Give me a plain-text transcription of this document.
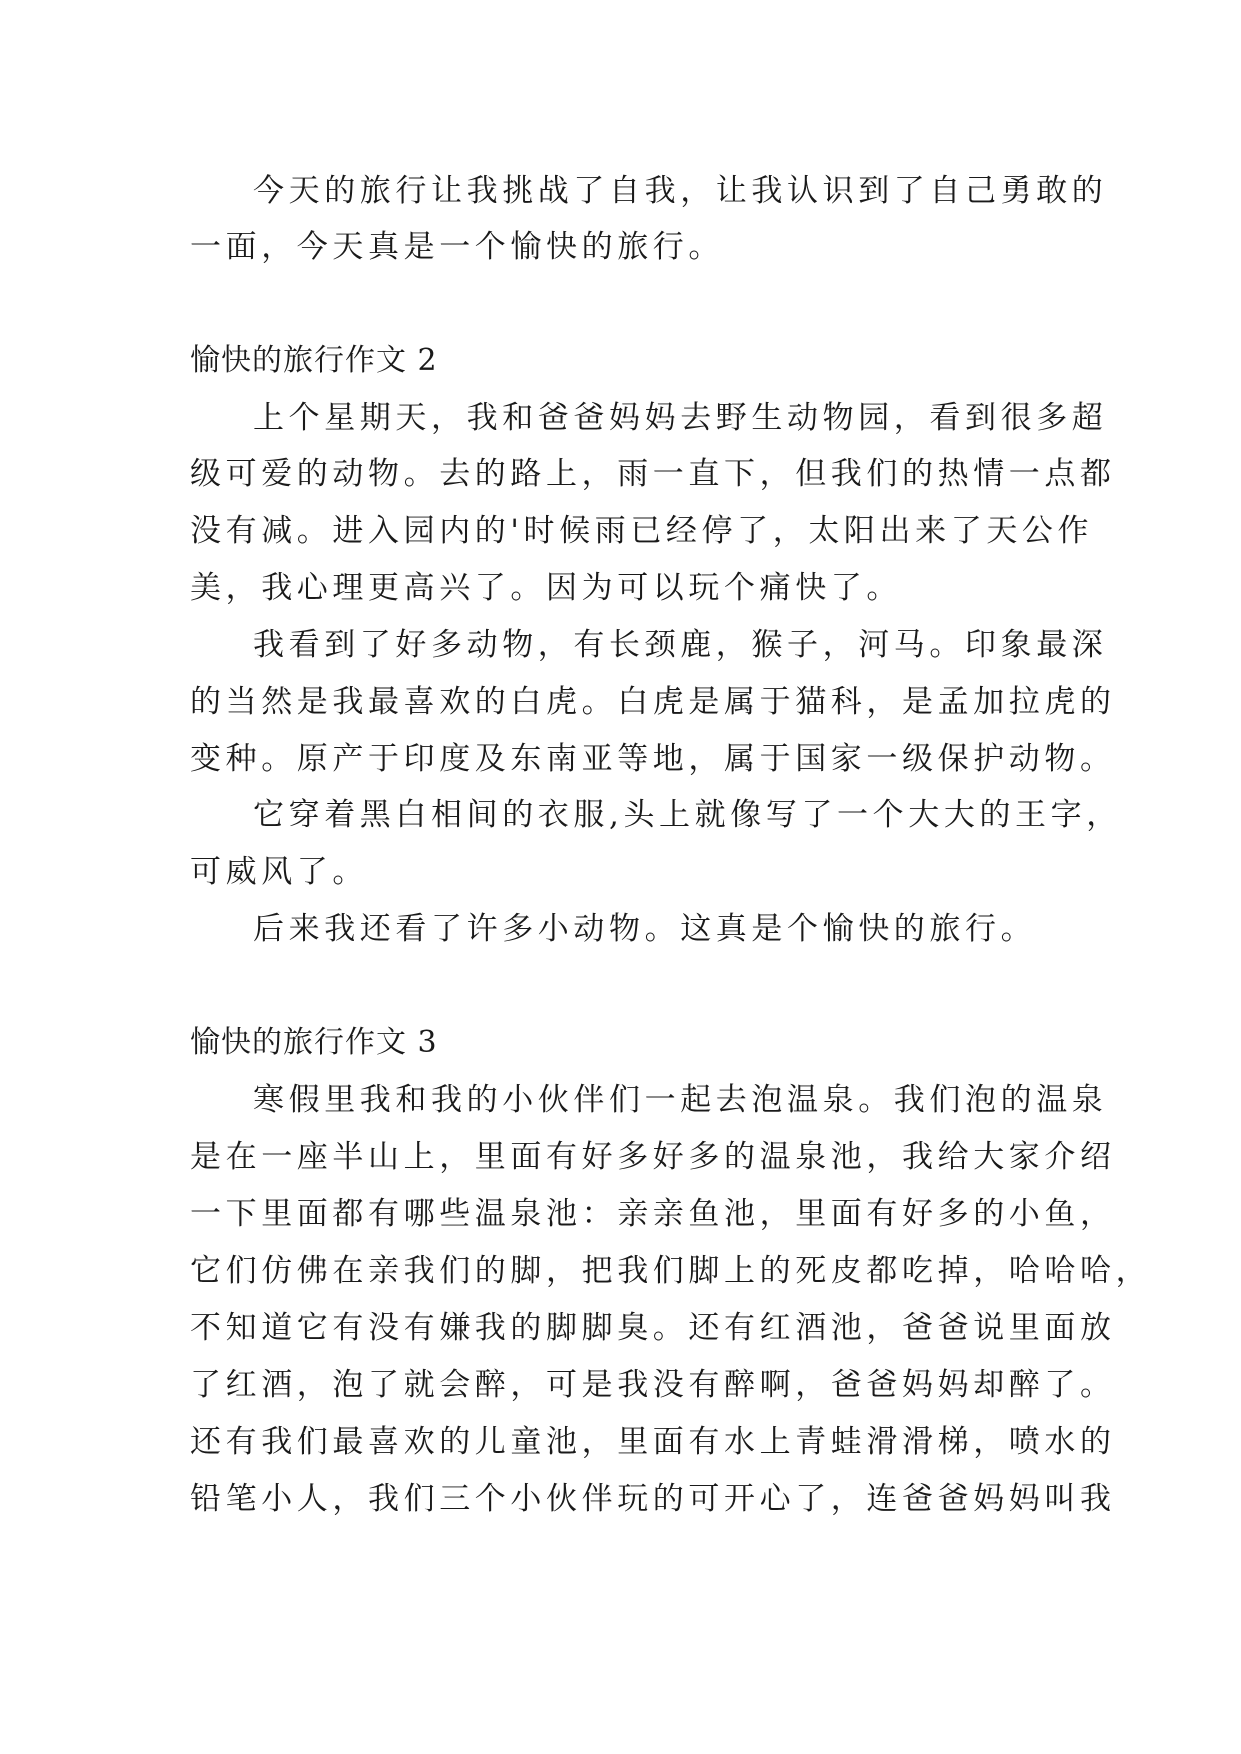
今天的旅行让我挑战了自我，让我认识到了自己勇敢的
一面，今天真是一个愉快的旅行。
愉快的旅行作文 2
上个星期天，我和爸爸妈妈去野生动物园，看到很多超
级可爱的动物。去的路上，雨一直下，但我们的热情一点都
没有减。进入园内的'时候雨已经停了，太阳出来了天公作
美，我心理更高兴了。因为可以玩个痛快了。
我看到了好多动物，有长颈鹿，猴子，河马。印象最深
的当然是我最喜欢的白虎。白虎是属于猫科，是孟加拉虎的
变种。原产于印度及东南亚等地，属于国家一级保护动物。
它穿着黑白相间的衣服,头上就像写了一个大大的王字，
可威风了。
后来我还看了许多小动物。这真是个愉快的旅行。
愉快的旅行作文 3
寒假里我和我的小伙伴们一起去泡温泉。我们泡的温泉
是在一座半山上，里面有好多好多的温泉池，我给大家介绍
一下里面都有哪些温泉池：亲亲鱼池，里面有好多的小鱼，
它们仿佛在亲我们的脚，把我们脚上的死皮都吃掉，哈哈哈，
不知道它有没有嫌我的脚脚臭。还有红酒池，爸爸说里面放
了红酒，泡了就会醉，可是我没有醉啊，爸爸妈妈却醉了。
还有我们最喜欢的儿童池，里面有水上青蛙滑滑梯，喷水的
铅笔小人，我们三个小伙伴玩的可开心了，连爸爸妈妈叫我
